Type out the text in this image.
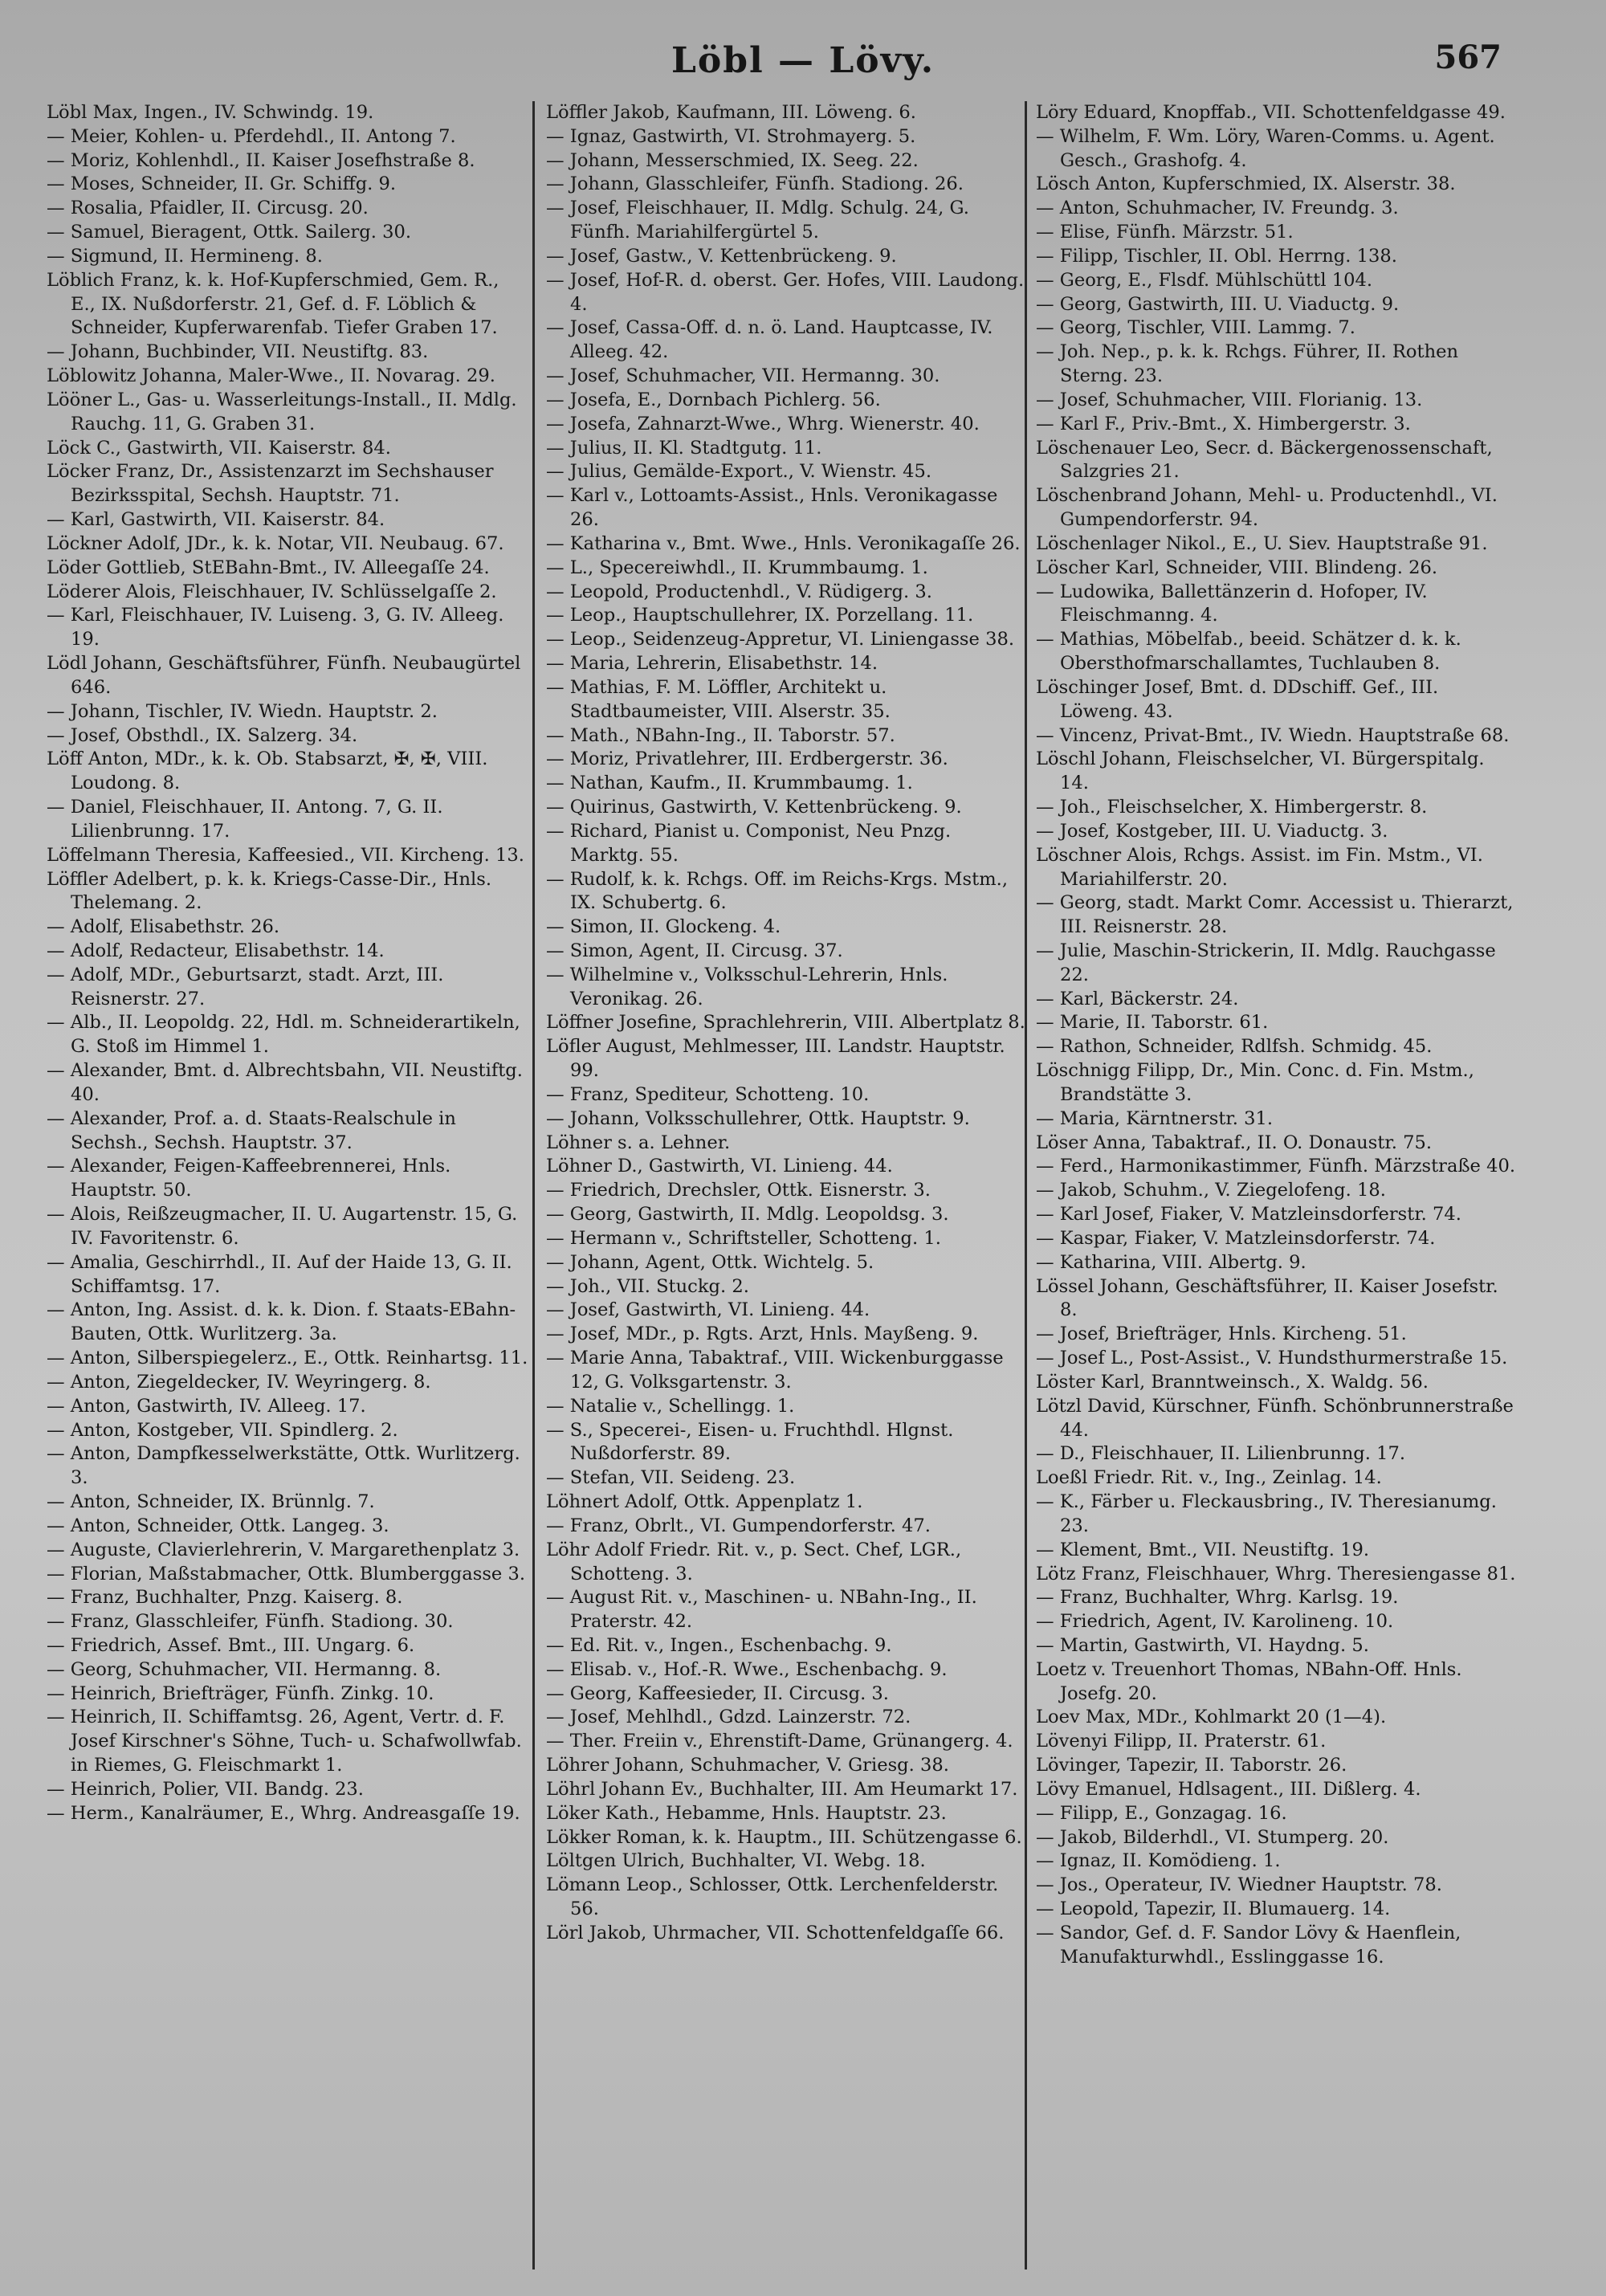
Löbl — Lövy.	567

Löbl Max, Ingen., IV. Schwindg. 19.

— Meier, Kohlen- u. Pferdehdl., II. Antong 7.

— Moriz, Kohlenhdl., II. Kaiser Josefhstraße 8.

— Moses, Schneider, II. Gr. Schiffg. 9.

— Rosalia, Pfaidler, II. Circusg. 20.

— Samuel, Bieragent, Ottk. Sailerg. 30.

— Sigmund, II. Hermineng. 8.

Löblich Franz, k. k. Hof-Kupferschmied, Gem. R., E., IX. Nußdorferstr. 21, Gef. d. F. Löblich & Schneider, Kupferwarenfab. Tiefer Graben 17.

— Johann, Buchbinder, VII. Neustiftg. 83.

Löblowitz Johanna, Maler-Wwe., II. Novarag. 29.

Lööner L., Gas- u. Wasserleitungs-Install., II. Mdlg. Rauchg. 11, G. Graben 31.

Löck C., Gastwirth, VII. Kaiserstr. 84.

Löcker Franz, Dr., Assistenzarzt im Sechshauser Bezirksspital, Sechsh. Hauptstr. 71.

— Karl, Gastwirth, VII. Kaiserstr. 84.

Löckner Adolf, JDr., k. k. Notar, VII. Neubaug. 67.

Löder Gottlieb, StEBahn-Bmt., IV. Alleegaſſe 24.

Löderer Alois, Fleischhauer, IV. Schlüsselgaſſe 2.

— Karl, Fleischhauer, IV. Luiseng. 3, G. IV. Alleeg. 19.

Lödl Johann, Geschäftsführer, Fünfh. Neubaugürtel 646.

— Johann, Tischler, IV. Wiedn. Hauptstr. 2.

— Josef, Obsthdl., IX. Salzerg. 34.

Löff Anton, MDr., k. k. Ob. Stabsarzt, ✠, ✠, VIII. Loudong. 8.

— Daniel, Fleischhauer, II. Antong. 7, G. II. Lilienbrunng. 17.

Löffelmann Theresia, Kaffeesied., VII. Kircheng. 13.

Löffler Adelbert, p. k. k. Kriegs-Casse-Dir., Hnls. Thelemang. 2.

— Adolf, Elisabethstr. 26.

— Adolf, Redacteur, Elisabethstr. 14.

— Adolf, MDr., Geburtsarzt, stadt. Arzt, III. Reisnerstr. 27.

— Alb., II. Leopoldg. 22, Hdl. m. Schneiderartikeln, G. Stoß im Himmel 1.

— Alexander, Bmt. d. Albrechtsbahn, VII. Neustiftg. 40.

— Alexander, Prof. a. d. Staats-Realschule in Sechsh., Sechsh. Hauptstr. 37.

— Alexander, Feigen-Kaffeebrennerei, Hnls. Hauptstr. 50.

— Alois, Reißzeugmacher, II. U. Augartenstr. 15, G. IV. Favoritenstr. 6.

— Amalia, Geschirrhdl., II. Auf der Haide 13, G. II. Schiffamtsg. 17.

— Anton, Ing. Assist. d. k. k. Dion. f. Staats-EBahn-Bauten, Ottk. Wurlitzerg. 3a.

— Anton, Silberspiegelerz., E., Ottk. Reinhartsg. 11.

— Anton, Ziegeldecker, IV. Weyringerg. 8.

— Anton, Gastwirth, IV. Alleeg. 17.

— Anton, Kostgeber, VII. Spindlerg. 2.

— Anton, Dampfkesselwerkstätte, Ottk. Wurlitzerg. 3.

— Anton, Schneider, IX. Brünnlg. 7.

— Anton, Schneider, Ottk. Langeg. 3.

— Auguste, Clavierlehrerin, V. Margarethenplatz 3.

— Florian, Maßstabmacher, Ottk. Blumberggasse 3.

— Franz, Buchhalter, Pnzg. Kaiserg. 8.

— Franz, Glasschleifer, Fünfh. Stadiong. 30.

— Friedrich, Assef. Bmt., III. Ungarg. 6.

— Georg, Schuhmacher, VII. Hermanng. 8.

— Heinrich, Briefträger, Fünfh. Zinkg. 10.

— Heinrich, II. Schiffamtsg. 26, Agent, Vertr. d. F. Josef Kirschner's Söhne, Tuch- u. Schafwollwfab. in Riemes, G. Fleischmarkt 1.

— Heinrich, Polier, VII. Bandg. 23.

— Herm., Kanalräumer, E., Whrg. Andreasgaſſe 19.

Löffler Jakob, Kaufmann, III. Löweng. 6.

— Ignaz, Gastwirth, VI. Strohmayerg. 5.

— Johann, Messerschmied, IX. Seeg. 22.

— Johann, Glasschleifer, Fünfh. Stadiong. 26.

— Josef, Fleischhauer, II. Mdlg. Schulg. 24, G. Fünfh. Mariahilfergürtel 5.

— Josef, Gastw., V. Kettenbrückeng. 9.

— Josef, Hof-R. d. oberst. Ger. Hofes, VIII. Laudong. 4.

— Josef, Cassa-Off. d. n. ö. Land. Hauptcasse, IV. Alleeg. 42.

— Josef, Schuhmacher, VII. Hermanng. 30.

— Josefa, E., Dornbach Pichlerg. 56.

— Josefa, Zahnarzt-Wwe., Whrg. Wienerstr. 40.

— Julius, II. Kl. Stadtgutg. 11.

— Julius, Gemälde-Export., V. Wienstr. 45.

— Karl v., Lottoamts-Assist., Hnls. Veronikagasse 26.

— Katharina v., Bmt. Wwe., Hnls. Veronikagaſſe 26.

— L., Specereiwhdl., II. Krummbaumg. 1.

— Leopold, Productenhdl., V. Rüdigerg. 3.

— Leop., Hauptschullehrer, IX. Porzellang. 11.

— Leop., Seidenzeug-Appretur, VI. Liniengasse 38.

— Maria, Lehrerin, Elisabethstr. 14.

— Mathias, F. M. Löffler, Architekt u. Stadtbaumeister, VIII. Alserstr. 35.

— Math., NBahn-Ing., II. Taborstr. 57.

— Moriz, Privatlehrer, III. Erdbergerstr. 36.

— Nathan, Kaufm., II. Krummbaumg. 1.

— Quirinus, Gastwirth, V. Kettenbrückeng. 9.

— Richard, Pianist u. Componist, Neu Pnzg. Marktg. 55.

— Rudolf, k. k. Rchgs. Off. im Reichs-Krgs. Mstm., IX. Schubertg. 6.

— Simon, II. Glockeng. 4.

— Simon, Agent, II. Circusg. 37.

— Wilhelmine v., Volksschul-Lehrerin, Hnls. Veronikag. 26.

Löffner Josefine, Sprachlehrerin, VIII. Albertplatz 8.

Löfler August, Mehlmesser, III. Landstr. Hauptstr. 99.

— Franz, Spediteur, Schotteng. 10.

— Johann, Volksschullehrer, Ottk. Hauptstr. 9.

Löhner s. a. Lehner.

Löhner D., Gastwirth, VI. Linieng. 44.

— Friedrich, Drechsler, Ottk. Eisnerstr. 3.

— Georg, Gastwirth, II. Mdlg. Leopoldsg. 3.

— Hermann v., Schriftsteller, Schotteng. 1.

— Johann, Agent, Ottk. Wichtelg. 5.

— Joh., VII. Stuckg. 2.

— Josef, Gastwirth, VI. Linieng. 44.

— Josef, MDr., p. Rgts. Arzt, Hnls. Mayßeng. 9.

— Marie Anna, Tabaktraf., VIII. Wickenburggasse 12, G. Volksgartenstr. 3.

— Natalie v., Schellingg. 1.

— S., Specerei-, Eisen- u. Fruchthdl. Hlgnst. Nußdorferstr. 89.

— Stefan, VII. Seideng. 23.

Löhnert Adolf, Ottk. Appenplatz 1.

— Franz, Obrlt., VI. Gumpendorferstr. 47.

Löhr Adolf Friedr. Rit. v., p. Sect. Chef, LGR., Schotteng. 3.

— August Rit. v., Maschinen- u. NBahn-Ing., II. Praterstr. 42.

— Ed. Rit. v., Ingen., Eschenbachg. 9.

— Elisab. v., Hof.-R. Wwe., Eschenbachg. 9.

— Georg, Kaffeesieder, II. Circusg. 3.

— Josef, Mehlhdl., Gdzd. Lainzerstr. 72.

— Ther. Freiin v., Ehrenstift-Dame, Grünangerg. 4.

Löhrer Johann, Schuhmacher, V. Griesg. 38.

Löhrl Johann Ev., Buchhalter, III. Am Heumarkt 17.

Löker Kath., Hebamme, Hnls. Hauptstr. 23.

Lökker Roman, k. k. Hauptm., III. Schützengasse 6.

Löltgen Ulrich, Buchhalter, VI. Webg. 18.

Lömann Leop., Schlosser, Ottk. Lerchenfelderstr. 56.

Lörl Jakob, Uhrmacher, VII. Schottenfeldgaſſe 66.

Löry Eduard, Knopffab., VII. Schottenfeldgasse 49.

— Wilhelm, F. Wm. Löry, Waren-Comms. u. Agent. Gesch., Grashofg. 4.

Lösch Anton, Kupferschmied, IX. Alserstr. 38.

— Anton, Schuhmacher, IV. Freundg. 3.

— Elise, Fünfh. Märzstr. 51.

— Filipp, Tischler, II. Obl. Herrng. 138.

— Georg, E., Flsdf. Mühlschüttl 104.

— Georg, Gastwirth, III. U. Viaductg. 9.

— Georg, Tischler, VIII. Lammg. 7.

— Joh. Nep., p. k. k. Rchgs. Führer, II. Rothen Sterng. 23.

— Josef, Schuhmacher, VIII. Florianig. 13.

— Karl F., Priv.-Bmt., X. Himbergerstr. 3.

Löschenauer Leo, Secr. d. Bäckergenossenschaft, Salzgries 21.

Löschenbrand Johann, Mehl- u. Productenhdl., VI. Gumpendorferstr. 94.

Löschenlager Nikol., E., U. Siev. Hauptstraße 91.

Löscher Karl, Schneider, VIII. Blindeng. 26.

— Ludowika, Ballettänzerin d. Hofoper, IV. Fleischmanng. 4.

— Mathias, Möbelfab., beeid. Schätzer d. k. k. Obersthofmarschallamtes, Tuchlauben 8.

Löschinger Josef, Bmt. d. DDschiff. Gef., III. Löweng. 43.

— Vincenz, Privat-Bmt., IV. Wiedn. Hauptstraße 68.

Löschl Johann, Fleischselcher, VI. Bürgerspitalg. 14.

— Joh., Fleischselcher, X. Himbergerstr. 8.

— Josef, Kostgeber, III. U. Viaductg. 3.

Löschner Alois, Rchgs. Assist. im Fin. Mstm., VI. Mariahilferstr. 20.

— Georg, stadt. Markt Comr. Accessist u. Thierarzt, III. Reisnerstr. 28.

— Julie, Maschin-Strickerin, II. Mdlg. Rauchgasse 22.

— Karl, Bäckerstr. 24.

— Marie, II. Taborstr. 61.

— Rathon, Schneider, Rdlfsh. Schmidg. 45.

Löschnigg Filipp, Dr., Min. Conc. d. Fin. Mstm., Brandstätte 3.

— Maria, Kärntnerstr. 31.

Löser Anna, Tabaktraf., II. O. Donaustr. 75.

— Ferd., Harmonikastimmer, Fünfh. Märzstraße 40.

— Jakob, Schuhm., V. Ziegelofeng. 18.

— Karl Josef, Fiaker, V. Matzleinsdorferstr. 74.

— Kaspar, Fiaker, V. Matzleinsdorferstr. 74.

— Katharina, VIII. Albertg. 9.

Lössel Johann, Geschäftsführer, II. Kaiser Josefstr. 8.

— Josef, Briefträger, Hnls. Kircheng. 51.

— Josef L., Post-Assist., V. Hundsthurmerstraße 15.

Löster Karl, Branntweinsch., X. Waldg. 56.

Lötzl David, Kürschner, Fünfh. Schönbrunnerstraße 44.

— D., Fleischhauer, II. Lilienbrunng. 17.

Loeßl Friedr. Rit. v., Ing., Zeinlag. 14.

— K., Färber u. Fleckausbring., IV. Theresianumg. 23.

— Klement, Bmt., VII. Neustiftg. 19.

Lötz Franz, Fleischhauer, Whrg. Theresiengasse 81.

— Franz, Buchhalter, Whrg. Karlsg. 19.

— Friedrich, Agent, IV. Karolineng. 10.

— Martin, Gastwirth, VI. Haydng. 5.

Loetz v. Treuenhort Thomas, NBahn-Off. Hnls. Josefg. 20.

Loev Max, MDr., Kohlmarkt 20 (1—4).

Lövenyi Filipp, II. Praterstr. 61.

Lövinger, Tapezir, II. Taborstr. 26.

Lövy Emanuel, Hdlsagent., III. Dißlerg. 4.

— Filipp, E., Gonzagag. 16.

— Jakob, Bilderhdl., VI. Stumperg. 20.

— Ignaz, II. Komödieng. 1.

— Jos., Operateur, IV. Wiedner Hauptstr. 78.

— Leopold, Tapezir, II. Blumauerg. 14.

— Sandor, Gef. d. F. Sandor Lövy & Haenflein, Manufakturwhdl., Esslinggasse 16.
